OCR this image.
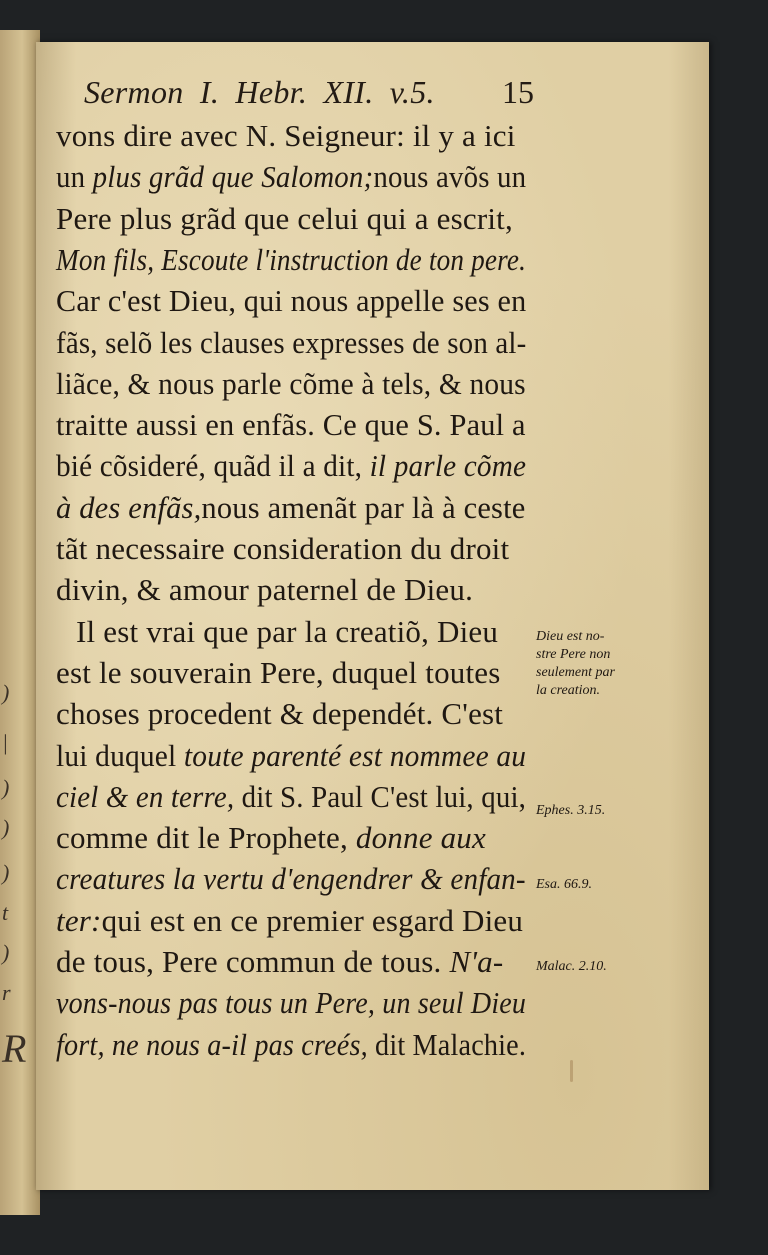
)
|
)
)
)
t
)
r
R
Sermon I. Hebr. XII. v.5.	15
vons dire avec N. Seigneur: il y a ici
un plus grãd que Salomon;nous avõs un
Pere plus grãd que celui qui a escrit,
Mon fils, Escoute l'instruction de ton pere.
Car c'est Dieu, qui nous appelle ses en
fãs, selõ les clauses expresses de son al-
liãce, & nous parle cõme à tels, & nous
traitte aussi en enfãs. Ce que S. Paul a
bié cõsideré, quãd il a dit, il parle cõme
à des enfãs,nous amenãt par là à ceste
tãt necessaire consideration du droit
divin, & amour paternel de Dieu.
Il est vrai que par la creatiõ, Dieu
est le souverain Pere, duquel toutes
choses procedent & dependét. C'est
lui duquel toute parenté est nommee au
ciel & en terre, dit S. Paul C'est lui, qui,
comme dit le Prophete, donne aux
creatures la vertu d'engendrer & enfan-
ter:qui est en ce premier esgard Dieu
de tous, Pere commun de tous. N'a-
vons-nous pas tous un Pere, un seul Dieu
fort, ne nous a-il pas creés, dit Malachie.
Dieu est no-
stre Pere non
seulement par
la creation.
Ephes. 3.15.
Esa. 66.9.
Malac. 2.10.
